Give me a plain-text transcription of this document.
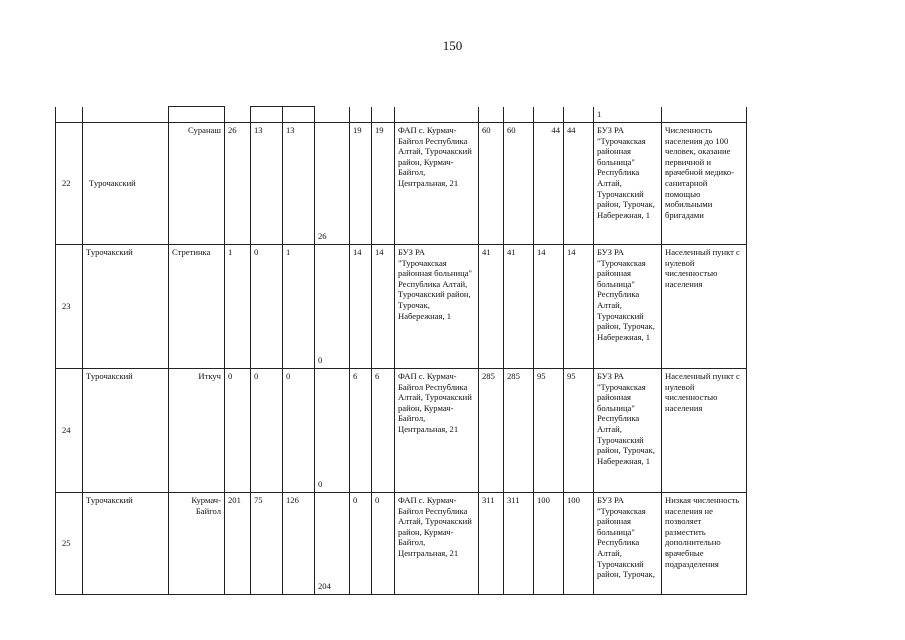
150
														1	
22	Турочакский	Суранаш	26	13	13	26	19	19	ФАП с. Курмач-Байгол Республика Алтай, Турочакский район, Курмач-Байгол, Центральная, 21	60	60	44	44	БУЗ РА "Турочакская районная больница" Республика Алтай, Турочакский район, Турочак, Набережная, 1	Численность населения до 100 человек, оказание первичной и врачебной медико-санитарной помощью мобильными бригадами
23	Турочакский	Стретинка	1	0	1	0	14	14	БУЗ РА "Турочакская районная больница" Республика Алтай, Турочакский район, Турочак, Набережная, 1	41	41	14	14	БУЗ РА "Турочакская районная больница" Республика Алтай, Турочакский район, Турочак, Набережная, 1	Населенный пункт с нулевой численностью населения
24	Турочакский	Иткуч	0	0	0	0	6	6	ФАП с. Курмач-Байгол Республика Алтай, Турочакский район, Курмач-Байгол, Центральная, 21	285	285	95	95	БУЗ РА "Турочакская районная больница" Республика Алтай, Турочакский район, Турочак, Набережная, 1	Населенный пункт с нулевой численностью населения
25	Турочакский	Курмач-Байгол	201	75	126	204	0	0	ФАП с. Курмач-Байгол Республика Алтай, Турочакский район, Курмач-Байгол, Центральная, 21	311	311	100	100	БУЗ РА "Турочакская районная больница" Республика Алтай, Турочакский район, Турочак,	Низкая численность населения не позволяет разместить дополнительно врачебные подразделения
